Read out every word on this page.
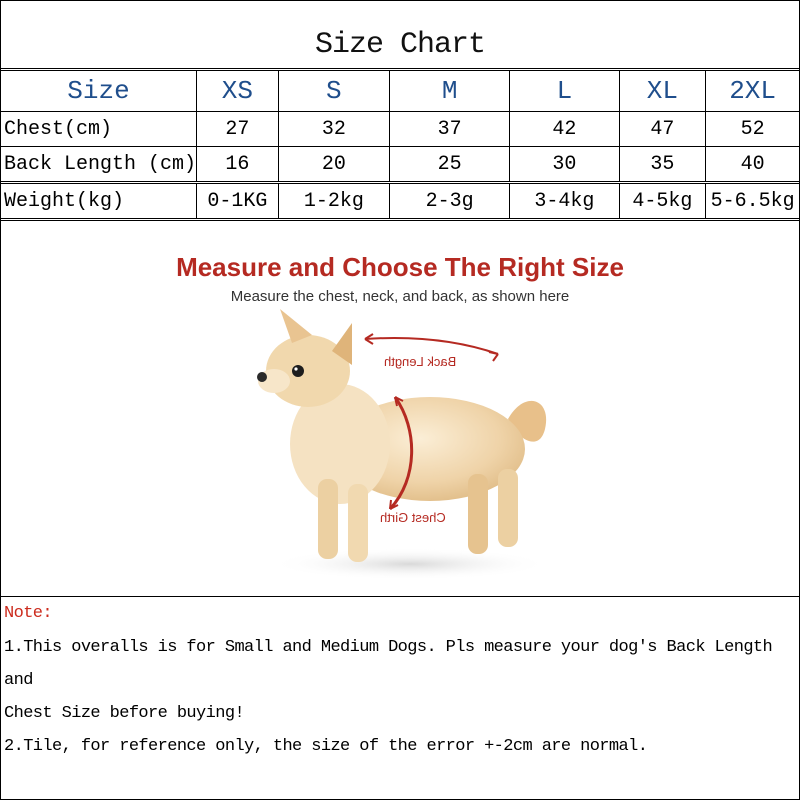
Size Chart
Size	XS	S	M	L	XL	2XL
Chest(cm)	27	32	37	42	47	52
Back Length (cm)	16	20	25	30	35	40
Weight(kg)	0-1KG	1-2kg	2-3g	3-4kg	4-5kg	5-6.5kg
Measure and Choose The Right Size
Measure the chest, neck, and back, as shown here
Back Length
Chest Girth
Note:
1.This overalls is for Small and Medium Dogs. Pls measure your dog's Back Length and
Chest Size before buying!
2.Tile, for reference only, the size of the error +-2cm are normal.
